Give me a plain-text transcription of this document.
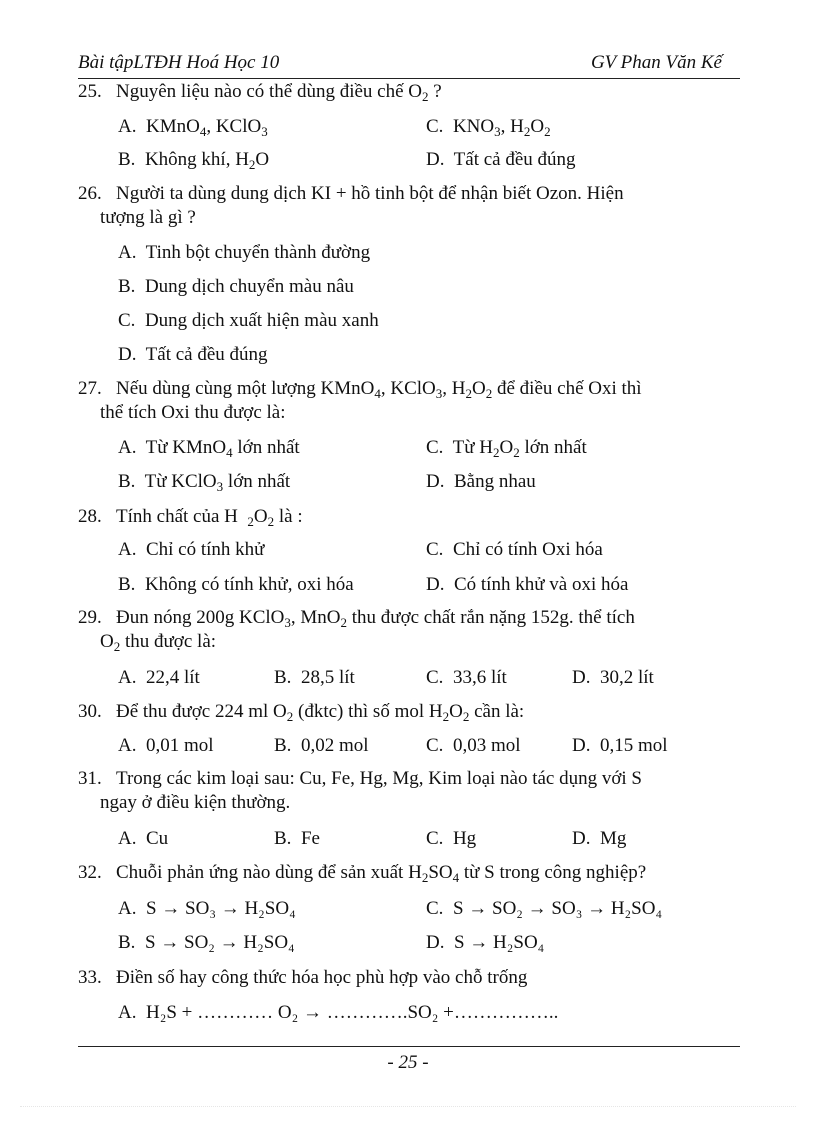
Bài tậpLTĐH Hoá Học 10	GV Phan Văn Kế
25. Nguyên liệu nào có thể dùng điều chế $O_2$ ?
A. KMnO$_4$, KClO$_3$	C. $KNO_3$, $H_2O_2$
B. Không khí, $H_2O$	D. Tất cả đều đúng
26. Người ta dùng dung dịch KI + hồ tinh bột để nhận biết Ozon. Hiện
tượng là gì ?
A. Tinh bột chuyển thành đường
B. Dung dịch chuyển màu nâu
C. Dung dịch xuất hiện màu xanh
D. Tất cả đều đúng
27. Nếu dùng cùng một lượng KMnO$_4$, KClO$_3$, $H_2O_2$ để điều chế Oxi thì
thể tích Oxi thu được là:
A. Từ KMnO$_4$ lớn nhất	C. Từ $H_2O_2$ lớn nhất
B. Từ KClO$_3$ lớn nhất	D. Bằng nhau
28. Tính chất của H $_2O_2$ là :
A. Chỉ có tính khử	C. Chỉ có tính Oxi hóa
B. Không có tính khử, oxi hóa	D. Có tính khử và oxi hóa
29. Đun nóng 200g KClO$_3$, MnO$_2$ thu được chất rắn nặng 152g. thể tích
$O_2$ thu được là:
A. 22,4 lít	B. 28,5 lít	C. 33,6 lít	D. 30,2 lít
30. Để thu được 224 ml $O_2$ (đktc) thì số mol $H_2O_2$ cần là:
A. 0,01 mol	B. 0,02 mol	C. 0,03 mol	D. 0,15 mol
31. Trong các kim loại sau: Cu, Fe, Hg, Mg, Kim loại nào tác dụng với S
ngay ở điều kiện thường.
A. Cu	B. Fe	C. Hg	D. Mg
32. Chuỗi phản ứng nào dùng để sản xuất $H_2SO_4$ từ S trong công nghiệp?
A. S → SO₃ → H₂SO₄	C. S → SO₂ → SO₃ → H₂SO₄
B. S → SO₂ → H₂SO₄	D. S → H₂SO₄
33. Điền số hay công thức hóa học phù hợp vào chỗ trống
A. H₂S + ………… O₂ → ………….SO₂ +……………..
- 25 -
